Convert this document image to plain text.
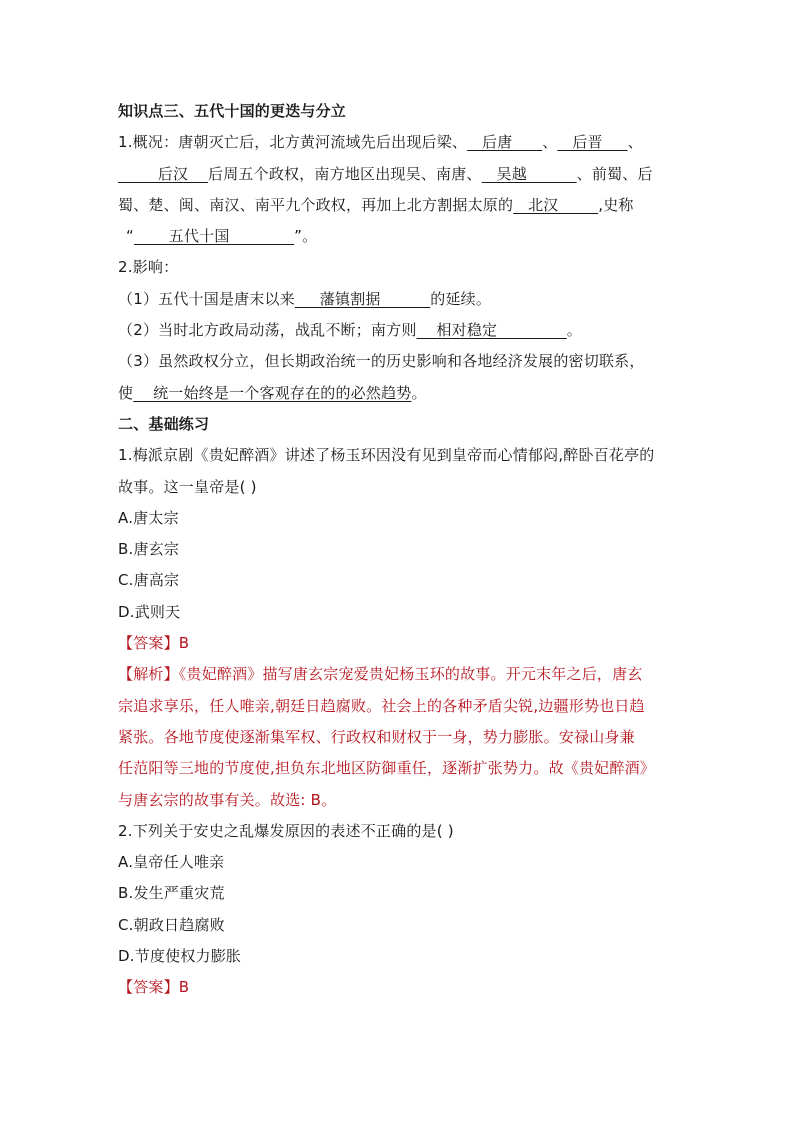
知识点三、五代十国的更迭与分立
1.概况：唐朝灭亡后，北方黄河流域先后出现后梁、   后唐      、   后晋     、
后汉    后周五个政权，南方地区出现吴、南唐、   吴越          、前蜀、后
蜀、楚、闽、南汉、南平九个政权，再加上北方割据太原的   北汉        ,史称
“       五代十国             ”。
2.影响：
（1）五代十国是唐末以来     藩镇割据          的延续。
（2）当时北方政局动荡，战乱不断；南方则    相对稳定              。
（3）虽然政权分立，但长期政治统一的历史影响和各地经济发展的密切联系，
使    统一始终是一个客观存在的的必然趋势。
二、基础练习
1.梅派京剧《贵妃醉酒》讲述了杨玉环因没有见到皇帝而心情郁闷,醉卧百花亭的
故事。这一皇帝是( )
A.唐太宗
B.唐玄宗
C.唐高宗
D.武则天
【答案】B
【解析】《贵妃醉酒》描写唐玄宗宠爱贵妃杨玉环的故事。开元末年之后，唐玄
宗追求享乐，任人唯亲,朝廷日趋腐败。社会上的各种矛盾尖锐,边疆形势也日趋
紧张。各地节度使逐渐集军权、行政权和财权于一身，势力膨胀。安禄山身兼
任范阳等三地的节度使,担负东北地区防御重任，逐渐扩张势力。故《贵妃醉酒》
与唐玄宗的故事有关。故选: B。
2.下列关于安史之乱爆发原因的表述不正确的是( )
A.皇帝任人唯亲
B.发生严重灾荒
C.朝政日趋腐败
D.节度使权力膨胀
【答案】B
